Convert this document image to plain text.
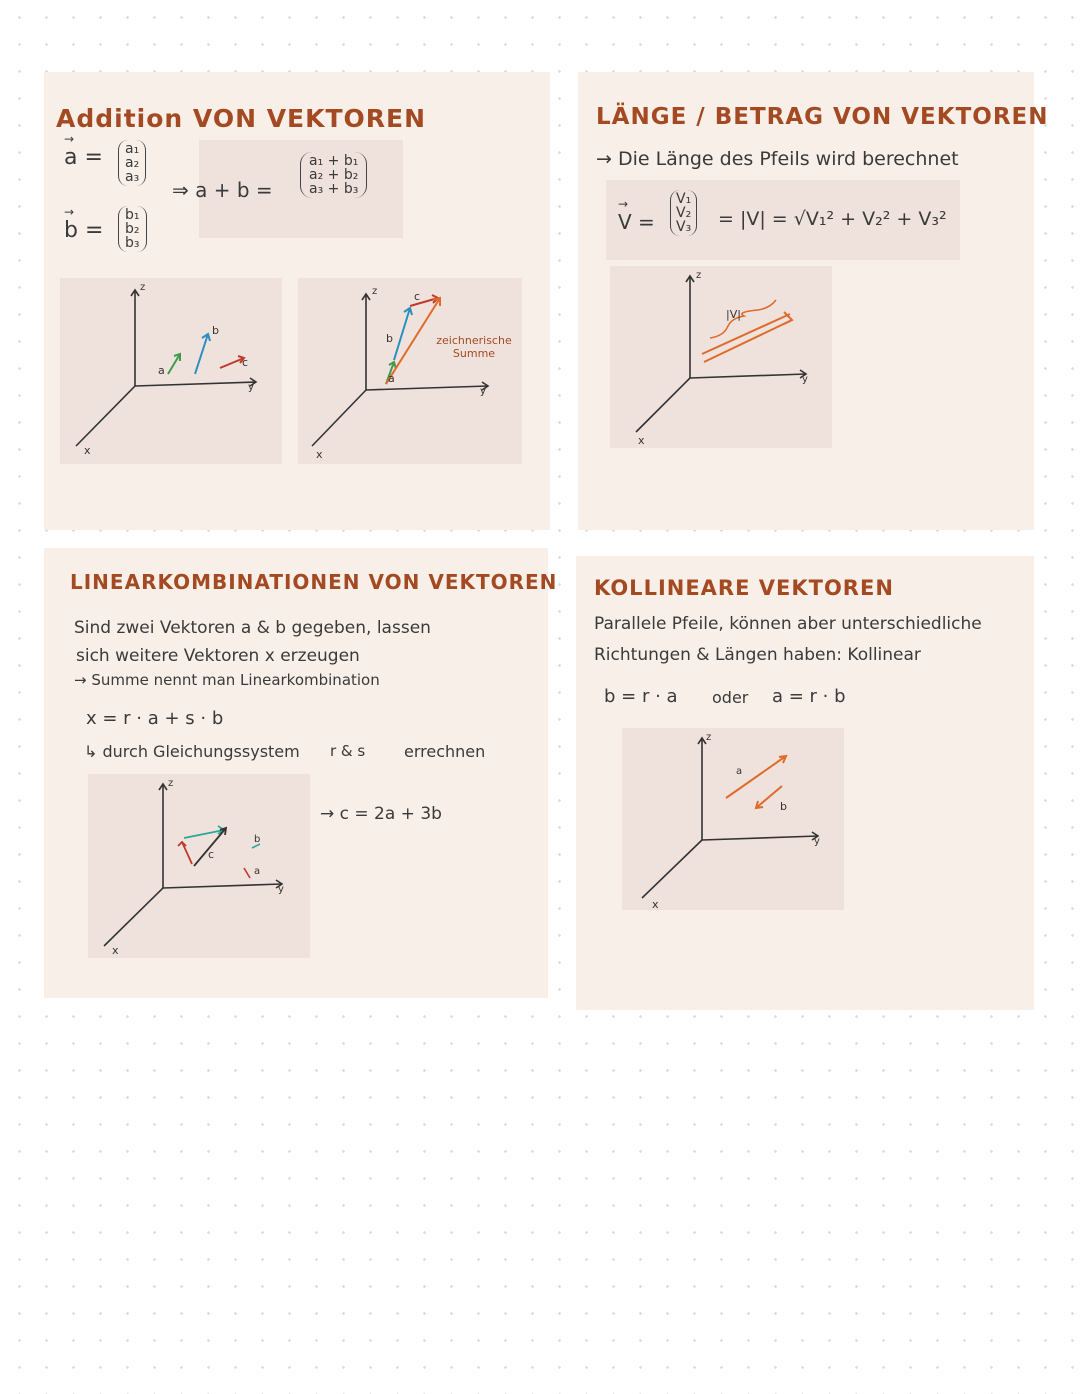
Addition VON VEKTOREN
→ a = a₁
a₂
a₃
→ b =
b₁
b₂
b₃
⇒ a + b =
a₁ + b₁
a₂ + b₂
a₃ + b₃
z
y
x
a
b
c
z
y
x
a
b
c
zeichnerische Summe
LÄNGE / BETRAG VON VEKTOREN
→ Die Länge des Pfeils wird berechnet
→ V =
V₁
V₂
V₃ = |V| = √V₁² + V₂² + V₃²
|V|
z
y
x
LINEARKOMBINATIONEN VON VEKTOREN
Sind zwei Vektoren a & b gegeben, lassen
sich weitere Vektoren x erzeugen
→ Summe nennt man Linearkombination
x = r · a + s · b
↳ durch Gleichungssystem r & s errechnen
→ c = 2a + 3b
c
a
b
z
y
x
KOLLINEARE VEKTOREN
Parallele Pfeile, können aber unterschiedliche
Richtungen & Längen haben: Kollinear
b = r · a oder a = r · b
a
b
z
y
x
